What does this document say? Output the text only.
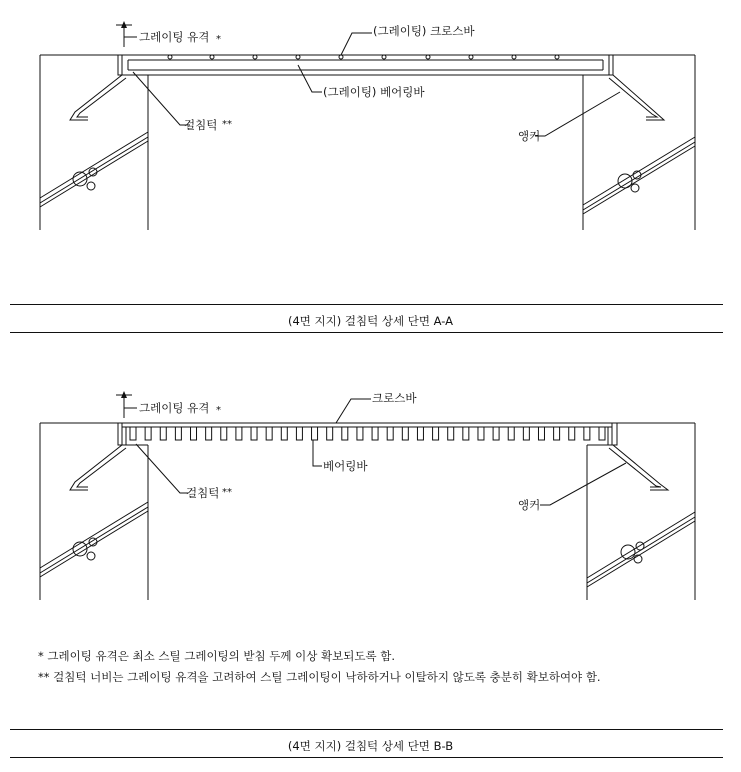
그레이팅 유격 *
(그레이팅) 크로스바
(그레이팅) 베어링바
걸침턱 **
앵커
(4면 지지) 걸침턱 상세 단면 A-A
그레이팅 유격 *
크로스바
베어링바
걸침턱 **
앵커
* 그레이팅 유격은 최소 스틸 그레이팅의 받침 두께 이상 확보되도록 함.
** 걸침턱 너비는 그레이팅 유격을 고려하여 스틸 그레이팅이 낙하하거나 이탈하지 않도록 충분히 확보하여야 함.
(4면 지지) 걸침턱 상세 단면 B-B
